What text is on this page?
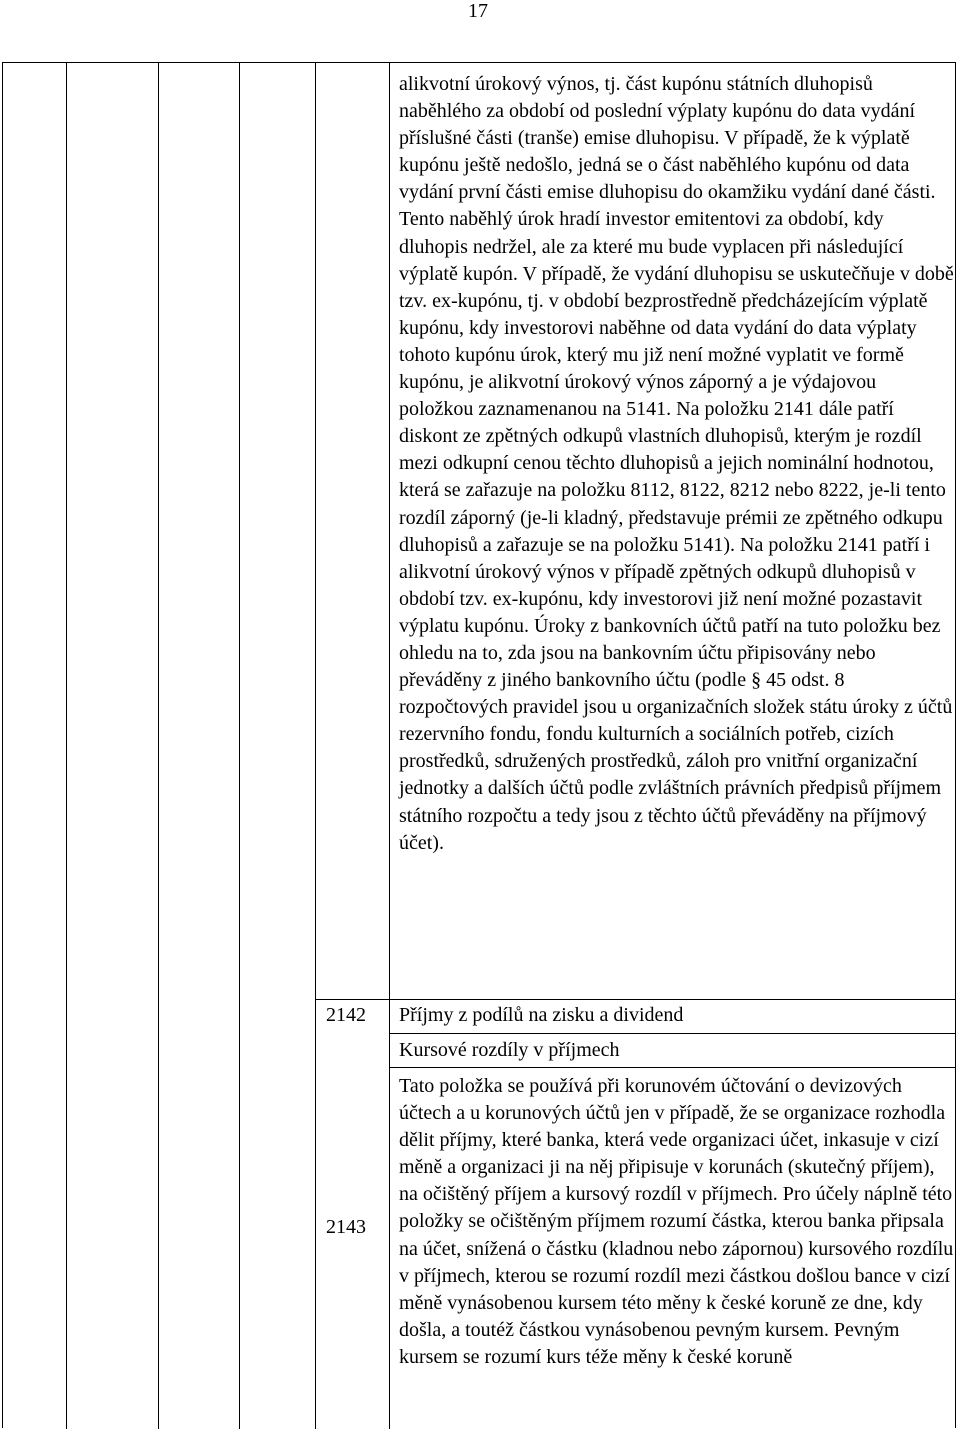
17
alikvotní úrokový výnos, tj. část kupónu státních dluhopisů naběhlého za období od poslední výplaty kupónu do data vydání příslušné části (tranše) emise dluhopisu. V případě, že k výplatě kupónu ještě nedošlo, jedná se o část naběhlého kupónu od data vydání první části emise dluhopisu do okamžiku vydání dané části. Tento naběhlý úrok hradí investor emitentovi za období, kdy dluhopis nedržel, ale za které mu bude vyplacen při následující výplatě kupón. V případě, že vydání dluhopisu se uskutečňuje v době tzv. ex-kupónu, tj. v období bezprostředně předcházejícím výplatě kupónu, kdy investorovi naběhne od data vydání do data výplaty tohoto kupónu úrok, který mu již není možné vyplatit ve formě kupónu, je alikvotní úrokový výnos záporný a je výdajovou položkou zaznamenanou na 5141. Na položku 2141 dále patří diskont ze zpětných odkupů vlastních dluhopisů, kterým je rozdíl mezi odkupní cenou těchto dluhopisů a jejich nominální hodnotou, která se zařazuje na položku 8112, 8122, 8212 nebo 8222, je-li tento rozdíl záporný (je-li kladný, představuje prémii ze zpětného odkupu dluhopisů a zařazuje se na položku 5141). Na položku 2141 patří i alikvotní úrokový výnos v případě zpětných odkupů dluhopisů v období tzv. ex-kupónu, kdy investorovi již není možné pozastavit výplatu kupónu. Úroky z bankovních účtů patří na tuto položku bez ohledu na to, zda jsou na bankovním účtu připisovány nebo převáděny z jiného bankovního účtu (podle § 45 odst. 8 rozpočtových pravidel jsou u organizačních složek státu úroky z účtů rezervního fondu, fondu kulturních a sociálních potřeb, cizích prostředků, sdružených prostředků, záloh pro vnitřní organizační jednotky a dalších účtů podle zvláštních právních předpisů příjmem státního rozpočtu a tedy jsou z těchto účtů převáděny na příjmový účet).
2142 Příjmy z podílů na zisku a dividend
Kursové rozdíly v příjmech
2143
Tato položka se používá při korunovém účtování o devizových účtech a u korunových účtů jen v případě, že se organizace rozhodla dělit příjmy, které banka, která vede organizaci účet, inkasuje v cizí měně a organizaci ji na něj připisuje v korunách (skutečný příjem), na očištěný příjem a kursový rozdíl v příjmech. Pro účely náplně této položky se očištěným příjmem rozumí částka, kterou banka připsala na účet, snížená o částku (kladnou nebo zápornou) kursového rozdílu v příjmech, kterou se rozumí rozdíl mezi částkou došlou bance v cizí měně vynásobenou kursem této měny k české koruně ze dne, kdy došla, a toutéž částkou vynásobenou pevným kursem. Pevným kursem se rozumí kurs téže měny k české koruně
